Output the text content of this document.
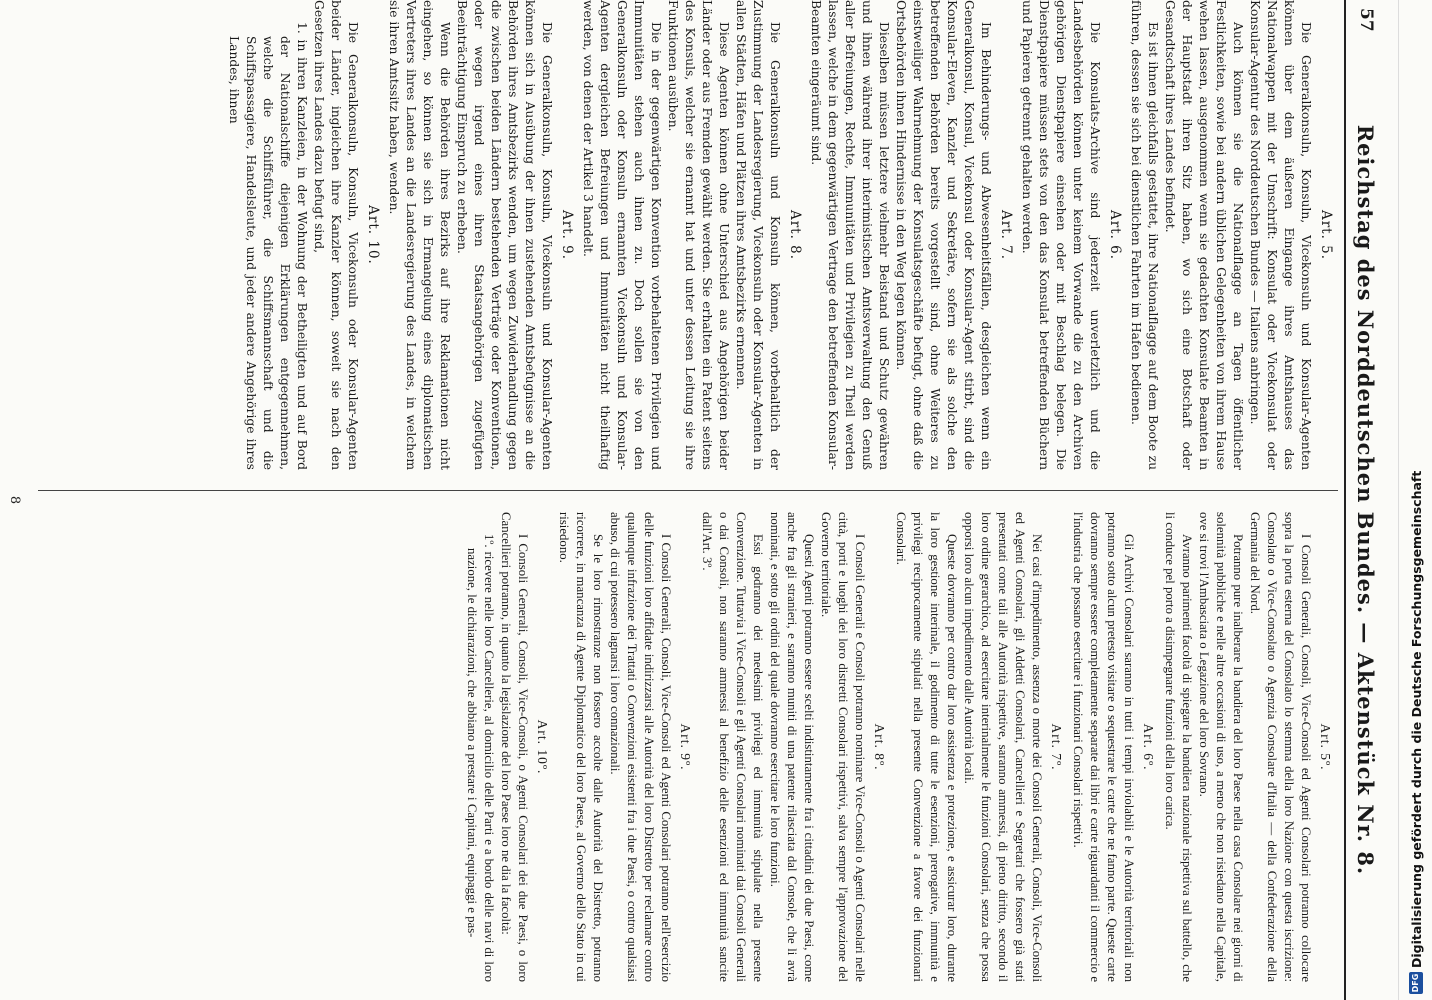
57
Reichstag des Norddeutschen Bundes. — Aktenstück Nr. 8.
Art. 5º.

I Consoli Generali, Consoli, Vice-Consoli ed Agenti Consolari potranno collocare sopra la porta esterna del Consolato lo stemma della loro Nazione con questa iscrizione: Consolato o Vice-Consolato o Agenzia Consolare d'Italia — della Confederazione della Germania del Nord.

Potranno pure inalberare la bandiera del loro Paese nella casa Consolare nei giorni di solennità pubbliche e nelle altre occasioni di uso, a meno che non risiedano nella Capitale, ove si trovi l'Ambasciata o Legazione del loro Sovrano.

Avranno parimenti facoltà di spiegare la bandiera nazionale rispettiva sul battello, che li conduce pel porto a disimpegnare funzioni della loro carica.

Art. 6º.

Gli Archivi Consolari saranno in tutti i tempi inviolabili e le Autorità territoriali non potranno sotto alcun pretesto visitare o sequestrare le carte che ne fanno parte. Queste carte dovranno sempre essere completamente separate dai libri e carte riguardanti il commercio e l'industria che possano esercitare i funzionari Consolari rispettivi.

Art. 7º.

Nei casi d'impedimento, assenza o morte dei Consoli Generali, Consoli, Vice-Consoli ed Agenti Consolari, gli Addetti Consolari, Cancellieri e Segretari che fossero già stati presentati come tali alle Autorità rispettive, saranno ammessi, di pieno diritto, secondo il loro ordine gerarchico, ad esercitare interinalmente le funzioni Consolari, senza che possa opporsi loro alcun impedimento dalle Autorità locali.

Queste dovranno per contro dar loro assistenza e protezione, e assicurar loro, durante la loro gestione interinale, il godimento di tutte le esenzioni, prerogative, immunità e privilegi reciprocamente stipulati nella presente Convenzione a favore dei funzionari Consolari.

Art. 8º.

I Consoli Generali e Consoli potranno nominare Vice-Consoli o Agenti Consolari nelle città, porti e luoghi dei loro distretti Consolari rispettivi, salva sempre l'approvazione del Governo territoriale.

Questi Agenti potranno essere scelti indistintamente fra i cittadini dei due Paesi, come anche fra gli stranieri, e saranno muniti di una patente rilasciata dal Console, che li avrà nominati, e sotto gli ordini del quale dovranno esercitare le loro funzioni.

Essi godranno dei medesimi privilegi ed immunità stipulate nella presente Convenzione. Tuttavia i Vice-Consoli e gli Agenti Consolari nominati dai Consoli Generali o dai Consoli, non saranno ammessi al benefizio delle esenzioni ed immunità sancite dall'Art. 3º.

Art. 9º.

I Consoli Generali, Consoli, Vice-Consoli ed Agenti Consolari potranno nell'esercizio delle funzioni loro affidate indirizzarsi alle Autorità del loro Distretto per reclamare contro qualunque infrazione dei Trattati o Convenzioni esistenti fra i due Paesi, o contro qualsiasi abuso, di cui potessero lagnarsi i loro connazionali.

Se le loro rimostranze non fossero accolte dalle Autorità del Distretto, potranno ricorrere, in mancanza di Agente Diplomatico del loro Paese, al Governo dello Stato in cui risiedono.

Art. 10º.

I Consoli Generali, Consoli, Vice-Consoli, o Agenti Consolari dei due Paesi, o loro Cancellieri potranno, in quanto la legislazione del loro Paese loro ne dia la facoltà:

1º. ricevere nelle loro Cancellerie, al domicilio delle Parti e a bordo delle navi di loro nazione, le dichiarazioni, che abbiano a prestare i Capitani, equipaggi e pas-

Art. 5.

Die Generalkonsuln, Konsuln, Vicekonsuln und Konsular-Agenten können über dem äußeren Eingange ihres Amtshauses das Nationalwappen mit der Umschrift: Konsulat oder Vicekonsulat oder Konsular-Agentur des Norddeutschen Bundes — Italiens anbringen.

Auch können sie die Nationalflagge an Tagen öffentlicher Festlichkeiten, sowie bei andern üblichen Gelegenheiten von ihrem Hause wehen lassen, ausgenommen wenn sie gedachten Konsulate Beamten in der Hauptstadt ihren Sitz haben, wo sich eine Botschaft oder Gesandtschaft ihres Landes befindet.

Es ist ihnen gleichfalls gestattet, ihre Nationalflagge auf dem Boote zu führen, dessen sie sich bei dienstlichen Fahrten im Hafen bedienen.

Art. 6.

Die Konsulats-Archive sind jederzeit unverletzlich und die Landesbehörden können unter keinem Vorwande die zu den Archiven gehörigen Dienstpapiere einsehen oder mit Beschlag belegen. Die Dienstpapiere müssen stets von den das Konsulat betreffenden Büchern und Papieren getrennt gehalten werden.

Art. 7.

Im Behinderungs- und Abwesenheitsfällen, desgleichen wenn ein Generalkonsul, Konsul, Vicekonsul oder Konsular-Agent stirbt, sind die Konsular-Eleven, Kanzler und Sekretäre, sofern sie als solche den betreffenden Behörden bereits vorgestellt sind, ohne Weiteres zu einstweiliger Wahrnehmung der Konsulatsgeschäfte befugt, ohne daß die Ortsbehörden ihnen Hindernisse in den Weg legen können.

Dieselben müssen letztere vielmehr Beistand und Schutz gewähren und ihnen während ihrer interimistischen Amtsverwaltung den Genuß aller Befreiungen, Rechte, Immunitäten und Privilegien zu Theil werden lassen, welche in dem gegenwärtigen Vertrage den betreffenden Konsular-Beamten eingeräumt sind.

Art. 8.

Die Generalkonsuln und Konsuln können, vorbehaltlich der Zustimmung der Landesregierung, Vicekonsuln oder Konsular-Agenten in allen Städten, Häfen und Plätzen ihres Amtsbezirks ernennen.

Diese Agenten können ohne Unterschied aus Angehörigen beider Länder oder aus Fremden gewählt werden. Sie erhalten ein Patent seitens des Konsuls, welcher sie ernannt hat und unter dessen Leitung sie ihre Funktionen ausüben.

Die in der gegenwärtigen Konvention vorbehaltenen Privilegien und Immunitäten stehen auch ihnen zu. Doch sollen sie von den Generalkonsuln oder Konsuln ernannten Vicekonsuln und Konsular-Agenten dergleichen Befreiungen und Immunitäten nicht theilhaftig werden, von denen der Artikel 3 handelt.

Art. 9.

Die Generalkonsuln, Konsuln, Vicekonsuln und Konsular-Agenten können sich in Ausübung der ihnen zustehenden Amtsbefugnisse an die Behörden ihres Amtsbezirks wenden, um wegen Zuwiderhandlung gegen die zwischen beiden Ländern bestehenden Verträge oder Konventionen, oder wegen irgend eines ihren Staatsangehörigen zugefügten Beeinträchtigung Einspruch zu erheben.

Wenn die Behörden ihres Bezirks auf ihre Reklamationen nicht eingehen, so können sie sich in Ermangelung eines diplomatischen Vertreters ihres Landes an die Landesregierung des Landes, in welchem sie ihren Amtssitz haben, wenden.

Art. 10.

Die Generalkonsuln, Konsuln, Vicekonsuln oder Konsular-Agenten beider Länder, ingleichen ihre Kanzler können, soweit sie nach den Gesetzen ihres Landes dazu befugt sind,

1. in ihren Kanzleien, in der Wohnung der Betheiligten und auf Bord der Nationalschiffe diejenigen Erklärungen entgegennehmen, welche die Schiffsführer, die Schiffsmannschaft und die Schiffspassagiere, Handelsleute, und jeder andere Angehörige ihres Landes, ihnen

8
DFG
Digitalisierung gefördert durch die Deutsche Forschungsgemeinschaft
